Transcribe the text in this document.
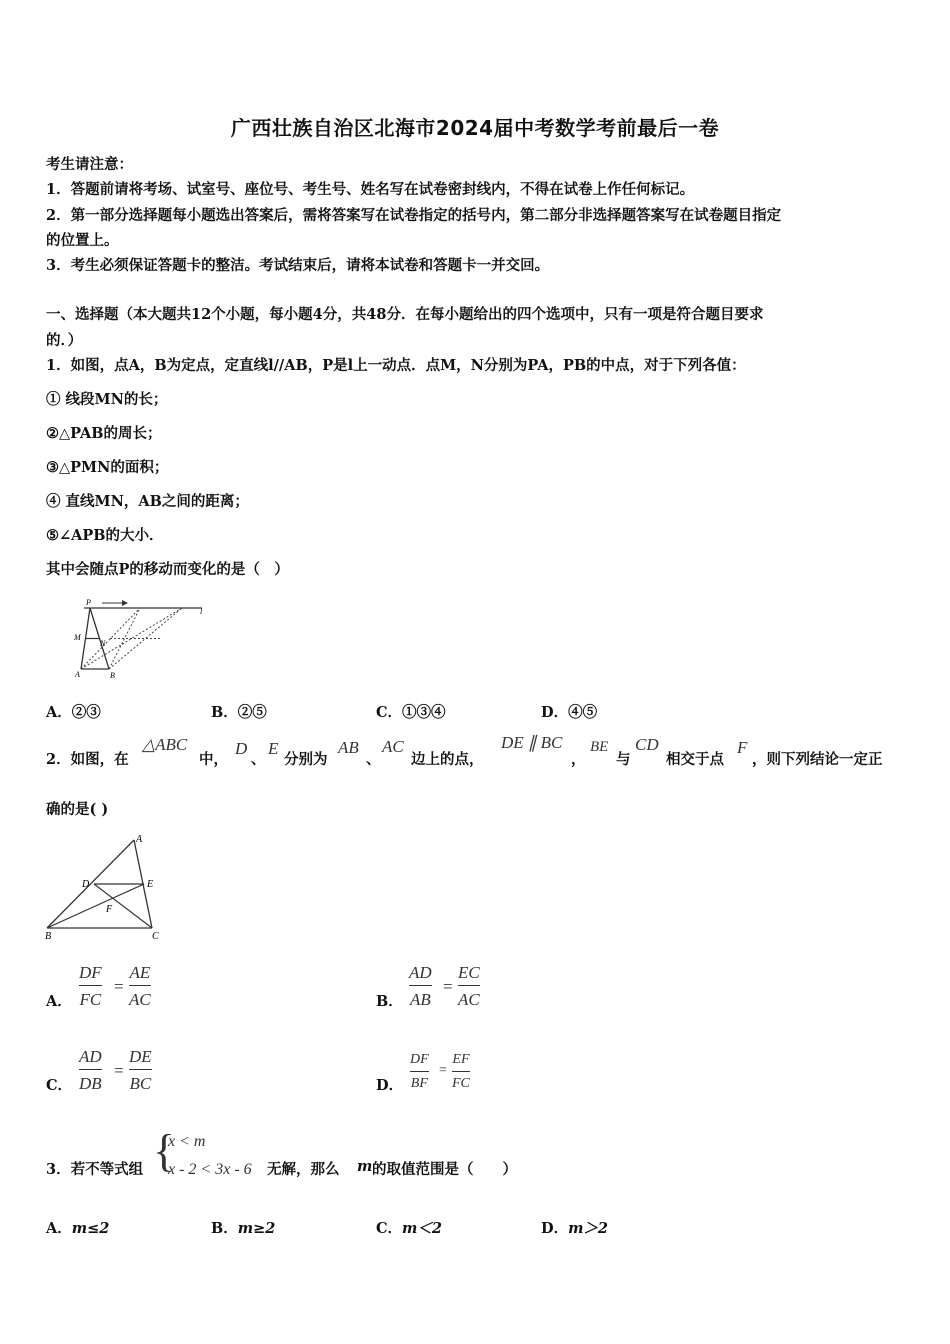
广西壮族自治区北海市2024届中考数学考前最后一卷
考生请注意：
1．答题前请将考场、试室号、座位号、考生号、姓名写在试卷密封线内，不得在试卷上作任何标记。
2．第一部分选择题每小题选出答案后，需将答案写在试卷指定的括号内，第二部分非选择题答案写在试卷题目指定
的位置上。
3．考生必须保证答题卡的整洁。考试结束后，请将本试卷和答题卡一并交回。
一、选择题（本大题共12个小题，每小题4分，共48分．在每小题给出的四个选项中，只有一项是符合题目要求
的．）
1．如图，点A，B为定点，定直线l//AB，P是l上一动点．点M，N分别为PA，PB的中点，对于下列各值：
① 线段MN的长；
②△PAB的周长；
③△PMN的面积；
④ 直线MN，AB之间的距离；
⑤∠APB的大小．
其中会随点P的移动而变化的是（　）
P
l
M
N
A	B
A．②③	B．②⑤	C．①③④	D．④⑤
2．如图，在
△ABC
中，
D
、
E
分别为
AB
、
AC
边上的点，
DE ∥ BC
，
BE
与
CD
相交于点
F
，则下列结论一定正
确的是( )
A
D	E
F
B	C
A．
DF
FC
=
AE
AC	B．
AD
AB
=
EC
AC
C．
AD
DB
=
DE
BC	D．
DF
BF
=
EF
FC
3．若不等式组 {
x < m
x - 2 < 3x - 6 无解，那么 m 的取值范围是（　　）
A．m≤2	B．m≥2	C．m＜2	D．m＞2
